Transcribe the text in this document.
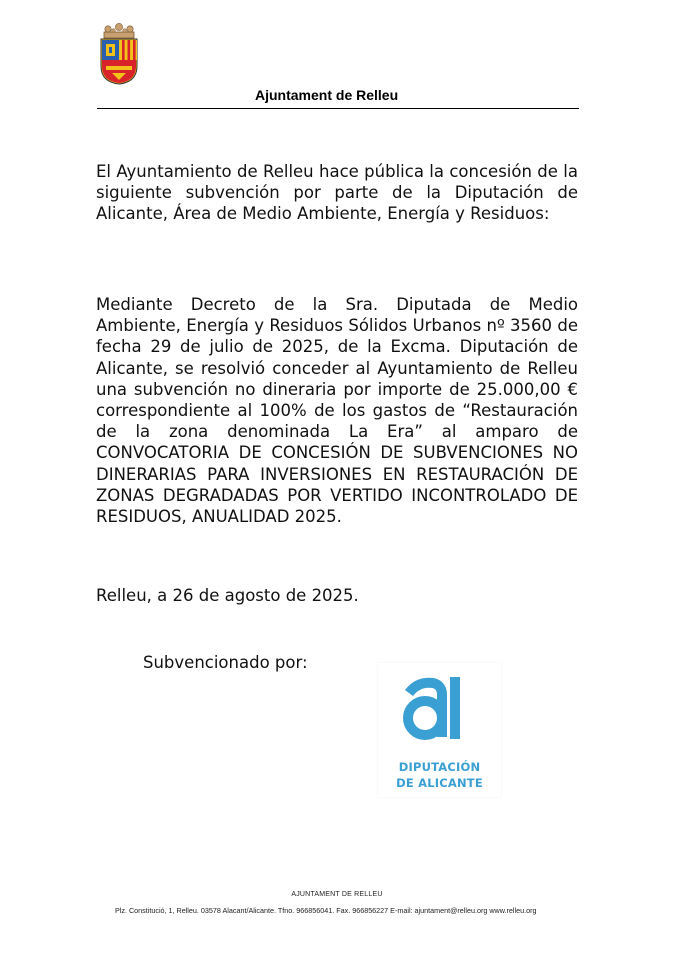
Ajuntament de Relleu

El Ayuntamiento de Relleu hace pública la concesión de la siguiente subvención por parte de la Diputación de Alicante, Área de Medio Ambiente, Energía y Residuos:

Mediante Decreto de la Sra. Diputada de Medio Ambiente, Energía y Residuos Sólidos Urbanos nº 3560 de fecha 29 de julio de 2025, de la Excma. Diputación de Alicante, se resolvió conceder al Ayuntamiento de Relleu una subvención no dineraria por importe de 25.000,00 € correspondiente al 100% de los gastos de “Restauración de la zona denominada La Era” al amparo de CONVOCATORIA DE CONCESIÓN DE SUBVENCIONES NO DINERARIAS PARA INVERSIONES EN RESTAURACIÓN DE ZONAS DEGRADADAS POR VERTIDO INCONTROLADO DE RESIDUOS, ANUALIDAD 2025.

Relleu, a 26 de agosto de 2025.

Subvencionado por:
DIPUTACIÓN
DE ALICANTE
AJUNTAMENT DE RELLEU
Plz. Constitució, 1, Relleu. 03578 Alacant/Alicante. Tfno. 966856041. Fax. 966856227 E-mail: ajuntament@relleu.org www.relleu.org
